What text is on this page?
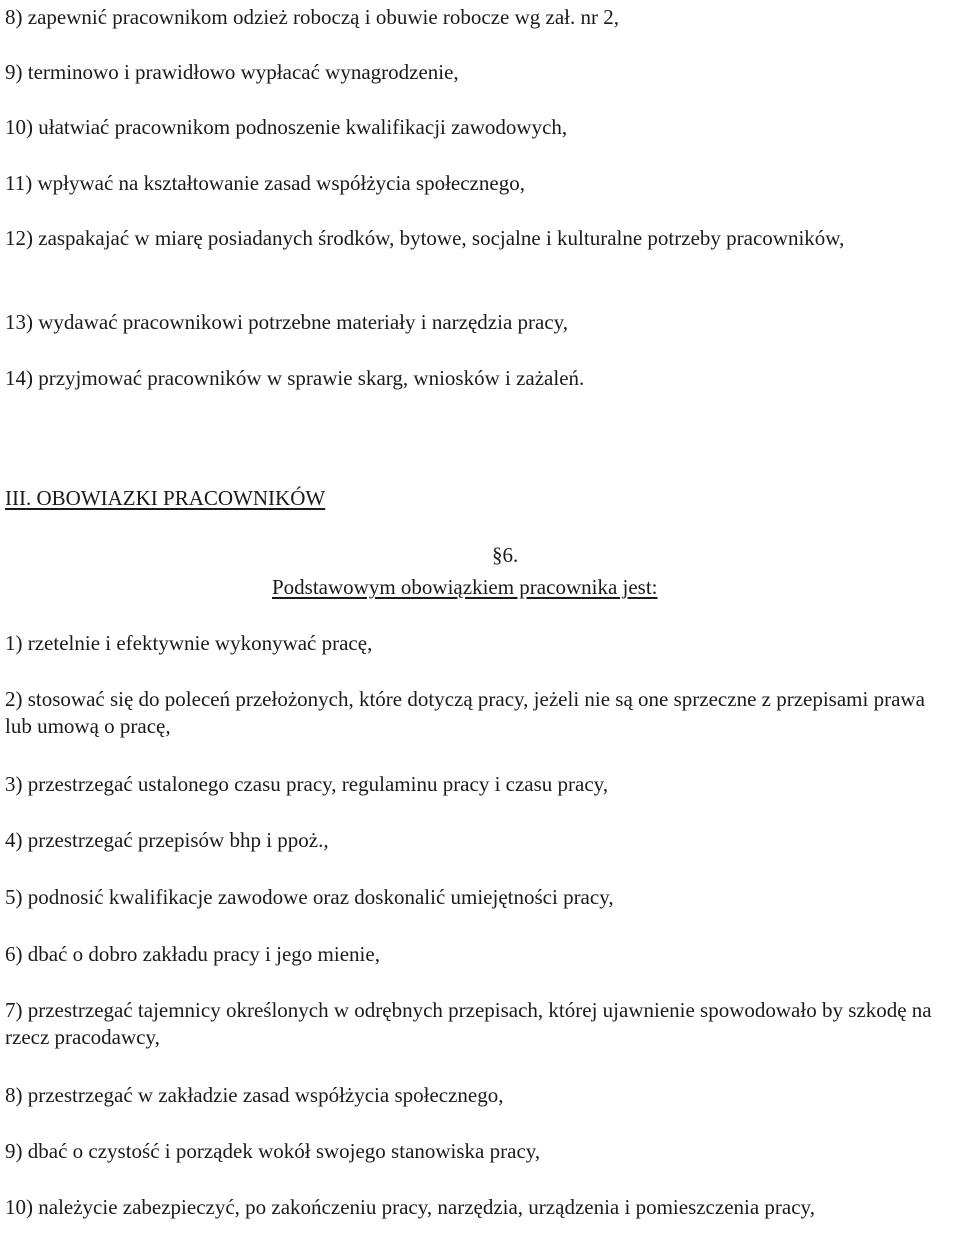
8) zapewnić pracownikom odzież roboczą i obuwie robocze wg zał. nr 2,

9) terminowo i prawidłowo wypłacać wynagrodzenie,

10) ułatwiać pracownikom podnoszenie kwalifikacji zawodowych,

11) wpływać na kształtowanie zasad współżycia społecznego,

12) zaspakajać w miarę posiadanych środków, bytowe, socjalne i kulturalne potrzeby pracowników,

13) wydawać pracownikowi potrzebne materiały i narzędzia pracy,

14) przyjmować pracowników w sprawie skarg, wniosków i zażaleń.

III. OBOWIAZKI PRACOWNIKÓW

§6.

Podstawowym obowiązkiem pracownika jest:

1) rzetelnie i efektywnie wykonywać pracę,

2) stosować się do poleceń przełożonych, które dotyczą pracy, jeżeli nie są one sprzeczne z przepisami prawa lub umową o pracę,

3) przestrzegać ustalonego czasu pracy, regulaminu pracy i czasu pracy,

4) przestrzegać przepisów bhp i ppoż.,

5) podnosić kwalifikacje zawodowe oraz doskonalić umiejętności pracy,

6) dbać o dobro zakładu pracy i jego mienie,

7) przestrzegać tajemnicy określonych w odrębnych przepisach, której ujawnienie spowodowało by szkodę na rzecz pracodawcy,

8) przestrzegać w zakładzie zasad współżycia społecznego,

9) dbać o czystość i porządek wokół swojego stanowiska pracy,

10) należycie zabezpieczyć, po zakończeniu pracy, narzędzia, urządzenia i pomieszczenia pracy,
